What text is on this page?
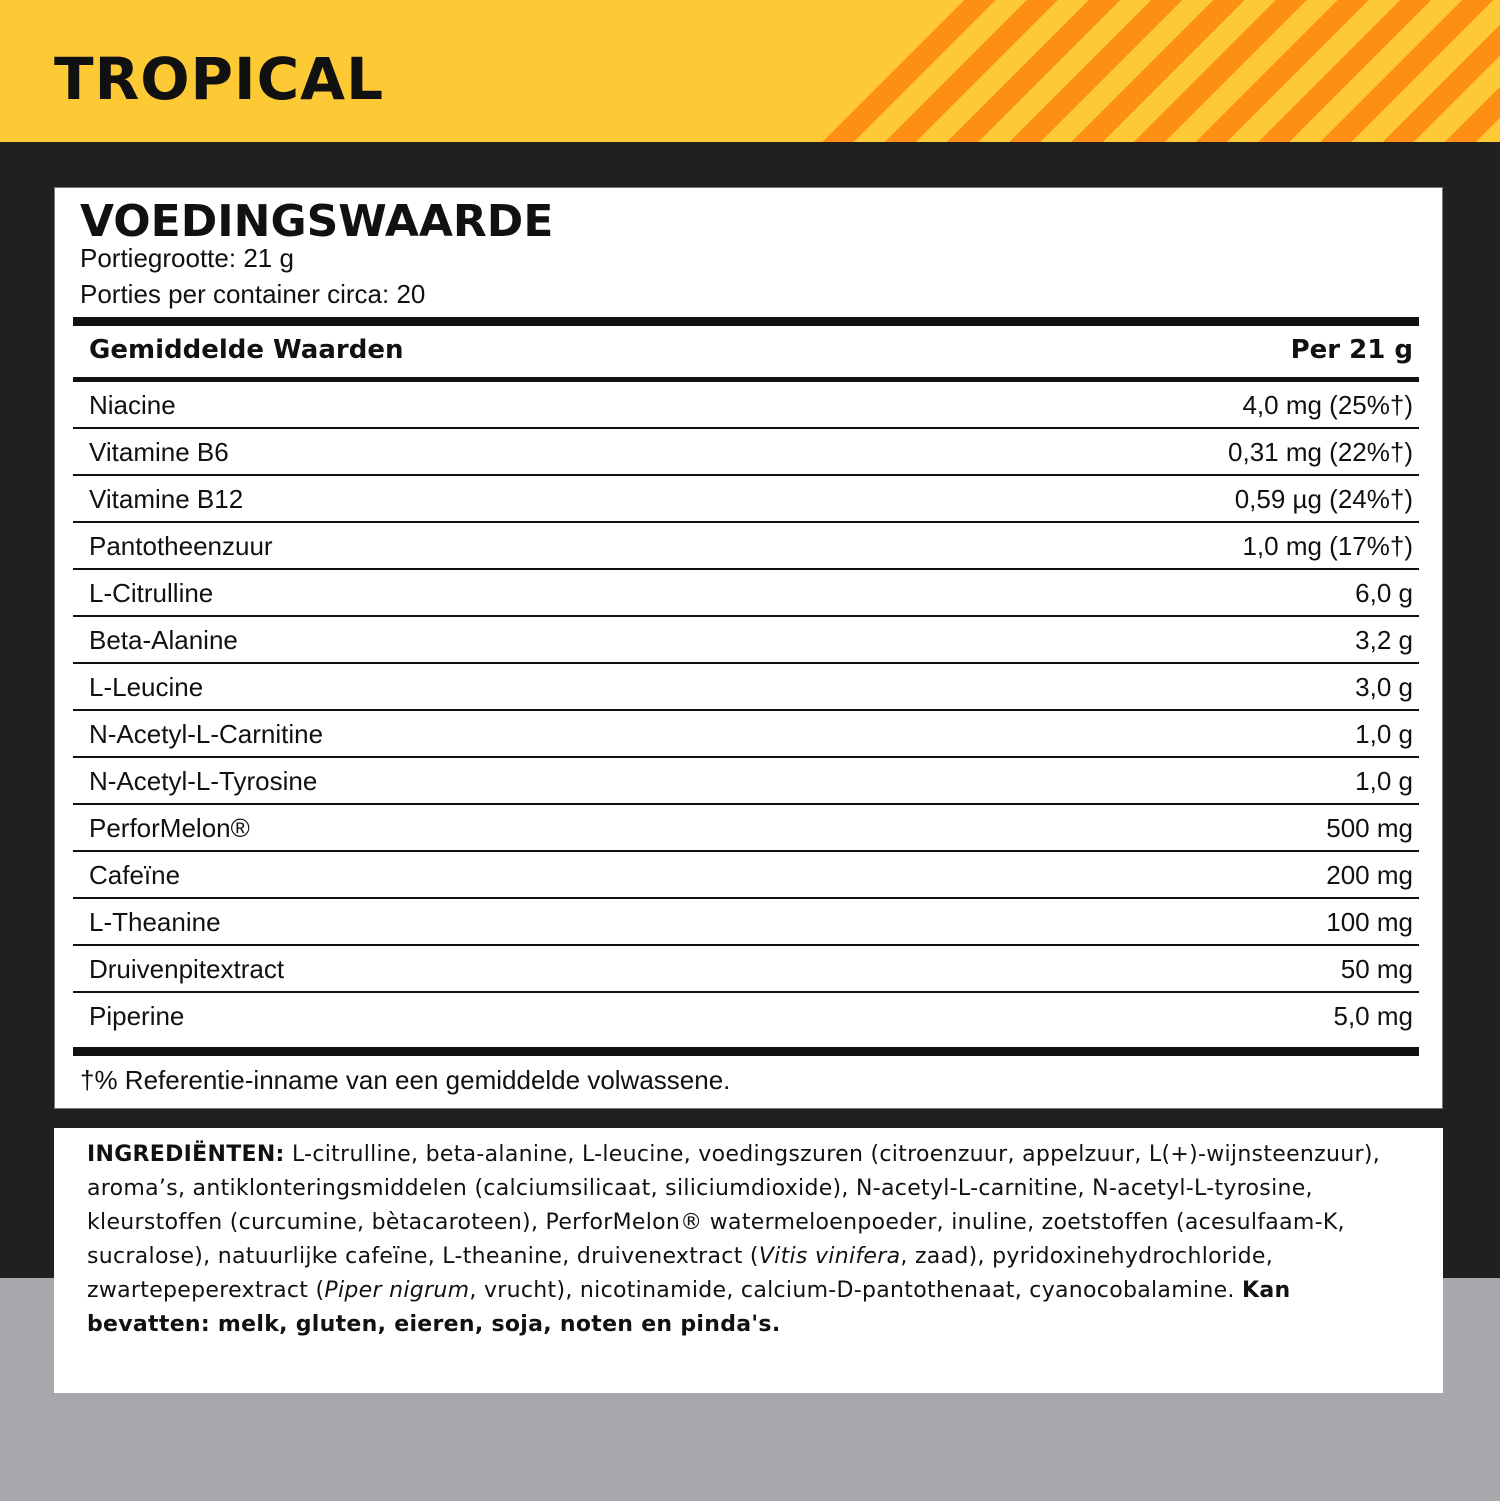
TROPICAL
VOEDINGSWAARDE
Portiegrootte: 21 g
Porties per container circa: 20
Gemiddelde Waarden	Per 21 g
Niacine	4,0 mg (25%†)
Vitamine B6	0,31 mg (22%†)
Vitamine B12	0,59 µg (24%†)
Pantotheenzuur	1,0 mg (17%†)
L-Citrulline	6,0 g
Beta-Alanine	3,2 g
L-Leucine	3,0 g
N-Acetyl-L-Carnitine	1,0 g
N-Acetyl-L-Tyrosine	1,0 g
PerforMelon®	500 mg
Cafeïne	200 mg
L-Theanine	100 mg
Druivenpitextract	50 mg
Piperine	5,0 mg
†% Referentie-inname van een gemiddelde volwassene.

INGREDIËNTEN: L-citrulline, beta-alanine, L-leucine, voedingszuren (citroenzuur, appelzuur, L(+)-wijnsteenzuur), aroma’s, antiklonteringsmiddelen (calciumsilicaat, siliciumdioxide), N-acetyl-L-carnitine, N-acetyl-L-tyrosine, kleurstoffen (curcumine, bètacaroteen), PerforMelon® watermeloenpoeder, inuline, zoetstoffen (acesulfaam-K, sucralose), natuurlijke cafeïne, L-theanine, druivenextract (Vitis vinifera, zaad), pyridoxinehydrochloride, zwartepeperextract (Piper nigrum, vrucht), nicotinamide, calcium-D-pantothenaat, cyanocobalamine. Kan bevatten: melk, gluten, eieren, soja, noten en pinda's.
